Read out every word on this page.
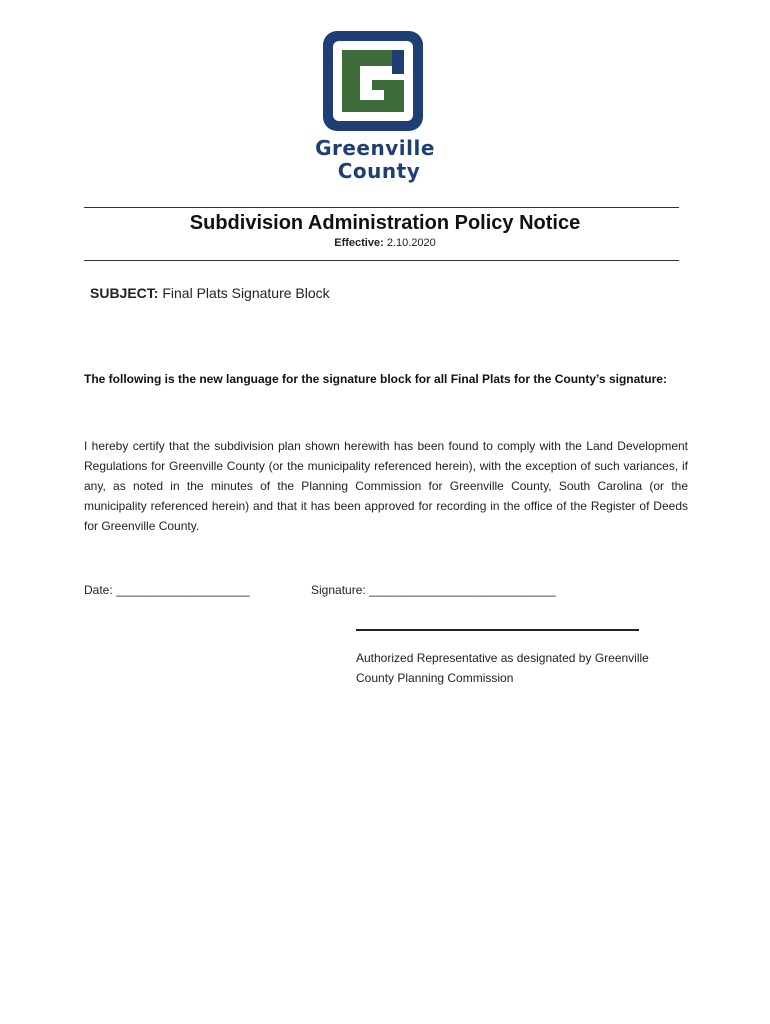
Greenville
County
Subdivision Administration Policy Notice
Effective: 2.10.2020
SUBJECT: Final Plats Signature Block
The following is the new language for the signature block for all Final Plats for the County’s signature:
I hereby certify that the subdivision plan shown herewith has been found to comply with the Land Development Regulations for Greenville County (or the municipality referenced herein), with the exception of such variances, if any, as noted in the minutes of the Planning Commission for Greenville County, South Carolina (or the municipality referenced herein) and that it has been approved for recording in the office of the Register of Deeds for Greenville County.
Date: ____________________	Signature: ____________________________
Authorized Representative as designated by Greenville
County Planning Commission
